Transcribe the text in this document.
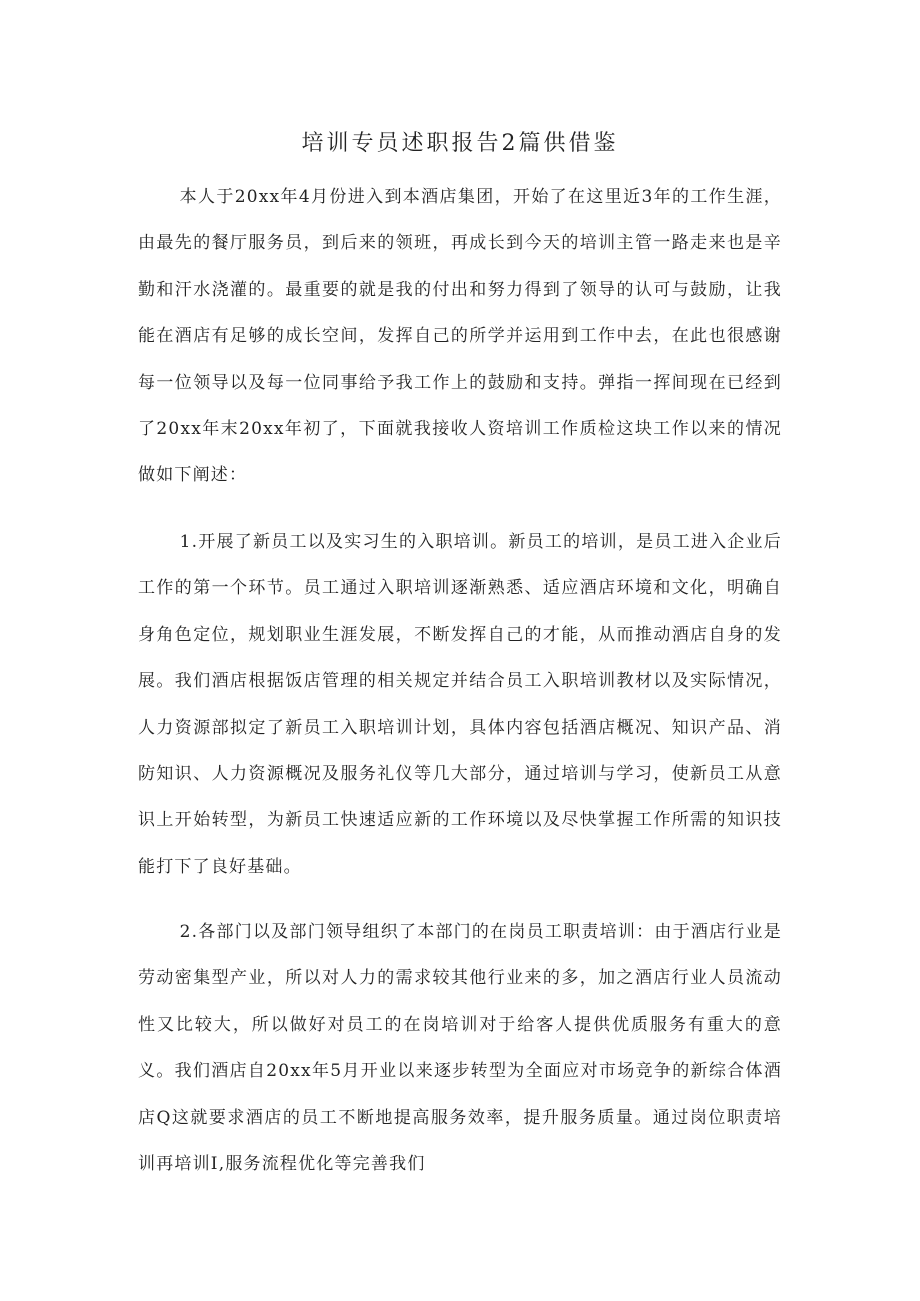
培训专员述职报告2篇供借鉴

本人于20xx年4月份进入到本酒店集团，开始了在这里近3年的工作生涯，由最先的餐厅服务员，到后来的领班，再成长到今天的培训主管一路走来也是辛勤和汗水浇灌的。最重要的就是我的付出和努力得到了领导的认可与鼓励，让我能在酒店有足够的成长空间，发挥自己的所学并运用到工作中去，在此也很感谢每一位领导以及每一位同事给予我工作上的鼓励和支持。弹指一挥间现在已经到了20xx年末20xx年初了，下面就我接收人资培训工作质检这块工作以来的情况做如下阐述：

1.开展了新员工以及实习生的入职培训。新员工的培训，是员工进入企业后工作的第一个环节。员工通过入职培训逐渐熟悉、适应酒店环境和文化，明确自身角色定位，规划职业生涯发展，不断发挥自己的才能，从而推动酒店自身的发展。我们酒店根据饭店管理的相关规定并结合员工入职培训教材以及实际情况，人力资源部拟定了新员工入职培训计划，具体内容包括酒店概况、知识产品、消防知识、人力资源概况及服务礼仪等几大部分，通过培训与学习，使新员工从意识上开始转型，为新员工快速适应新的工作环境以及尽快掌握工作所需的知识技能打下了良好基础。

2.各部门以及部门领导组织了本部门的在岗员工职责培训：由于酒店行业是劳动密集型产业，所以对人力的需求较其他行业来的多，加之酒店行业人员流动性又比较大，所以做好对员工的在岗培训对于给客人提供优质服务有重大的意义。我们酒店自20xx年5月开业以来逐步转型为全面应对市场竞争的新综合体酒店Q这就要求酒店的员工不断地提高服务效率，提升服务质量。通过岗位职责培训再培训I,服务流程优化等完善我们
